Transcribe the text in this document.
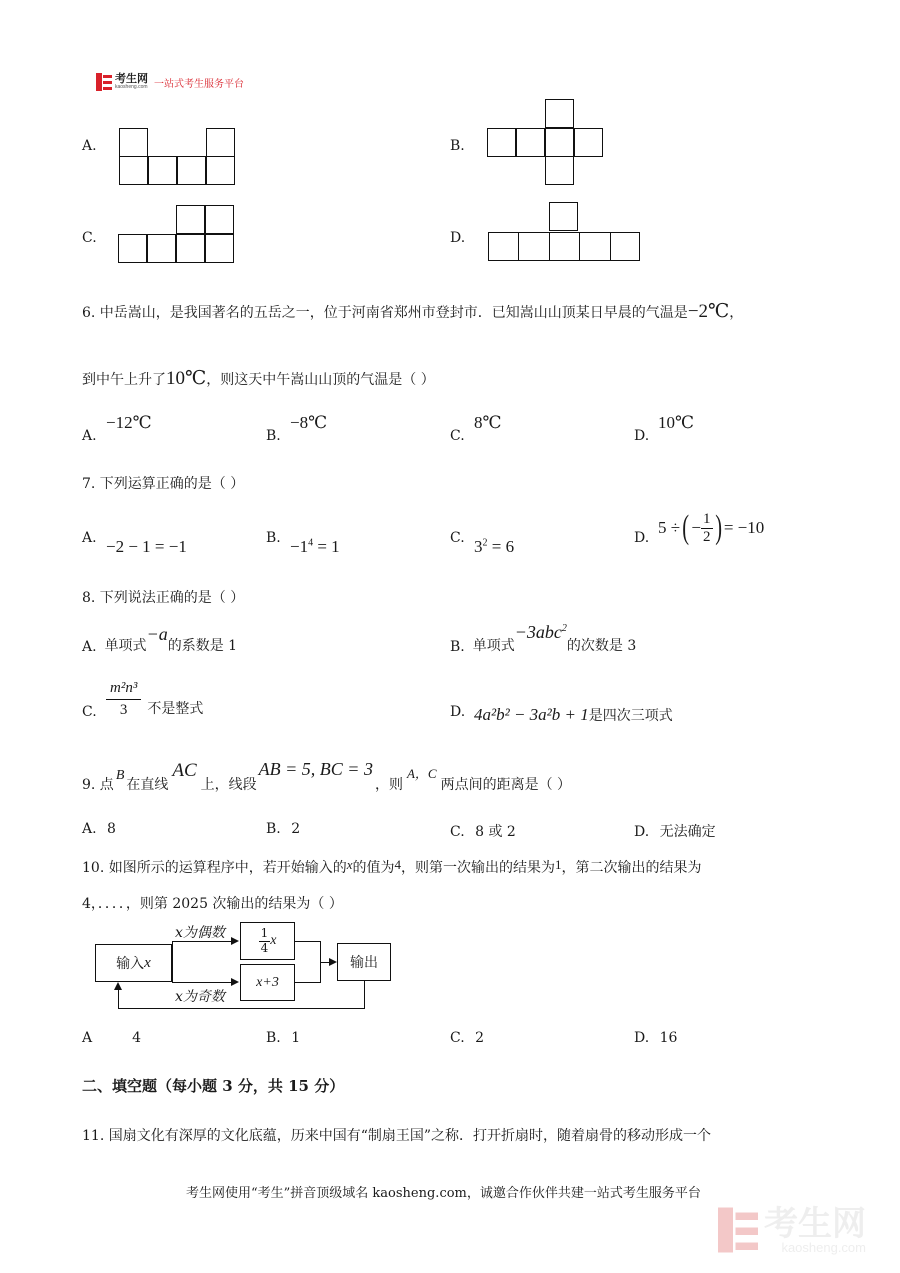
考生网
kaosheng.com 一站式考生服务平台
A.	B.
C.	D.
6. 中岳嵩山，是我国著名的五岳之一，位于河南省郑州市登封市．已知嵩山山顶某日早晨的气温是−2℃，
到中午上升了10℃，则这天中午嵩山山顶的气温是（ ）
A.
−12℃
B.
−8℃
C.
8℃
D.
10℃
7. 下列运算正确的是（ ）
A. −2 − 1 = −1	B. $-1^4 = 1$	C. $3^2 = 6$	D.
5 ÷ ( − $\frac{1}{2}$ ) = −10
8. 下列说法正确的是（ ）
A. 单项式
−a
的系数是 1	B. 单项式
−3abc$^2$
的次数是 3
C. $\frac{\text{m²n³}}{3}$ 不是整式	D. 4a²b² − 3a²b + 1 是四次三项式
9. 点
B
在直线
AC
上，线段
AB = 5, BC = 3
，则
A，C
两点间的距离是（ ）
A. 8	B. 2	C. 8 或 2	D. 无法确定
10. 如图所示的运算程序中，若开始输入的x的值为4，则第一次输出的结果为1，第二次输出的结果为
4，．．．．，则第 2025 次输出的结果为（ ）
输入 x
x为偶数
x为奇数
$\frac{1}{4}$ x
x+3
输出
A	4	B. 1	C. 2	D. 16
二、填空题（每小题 3 分，共 15 分）
11. 国扇文化有深厚的文化底蕴，历来中国有“制扇王国”之称．打开折扇时，随着扇骨的移动形成一个
考生网使用“考生”拼音顶级域名 kaosheng.com，诚邀合作伙伴共建一站式考生服务平台
考生网
kaosheng.com
